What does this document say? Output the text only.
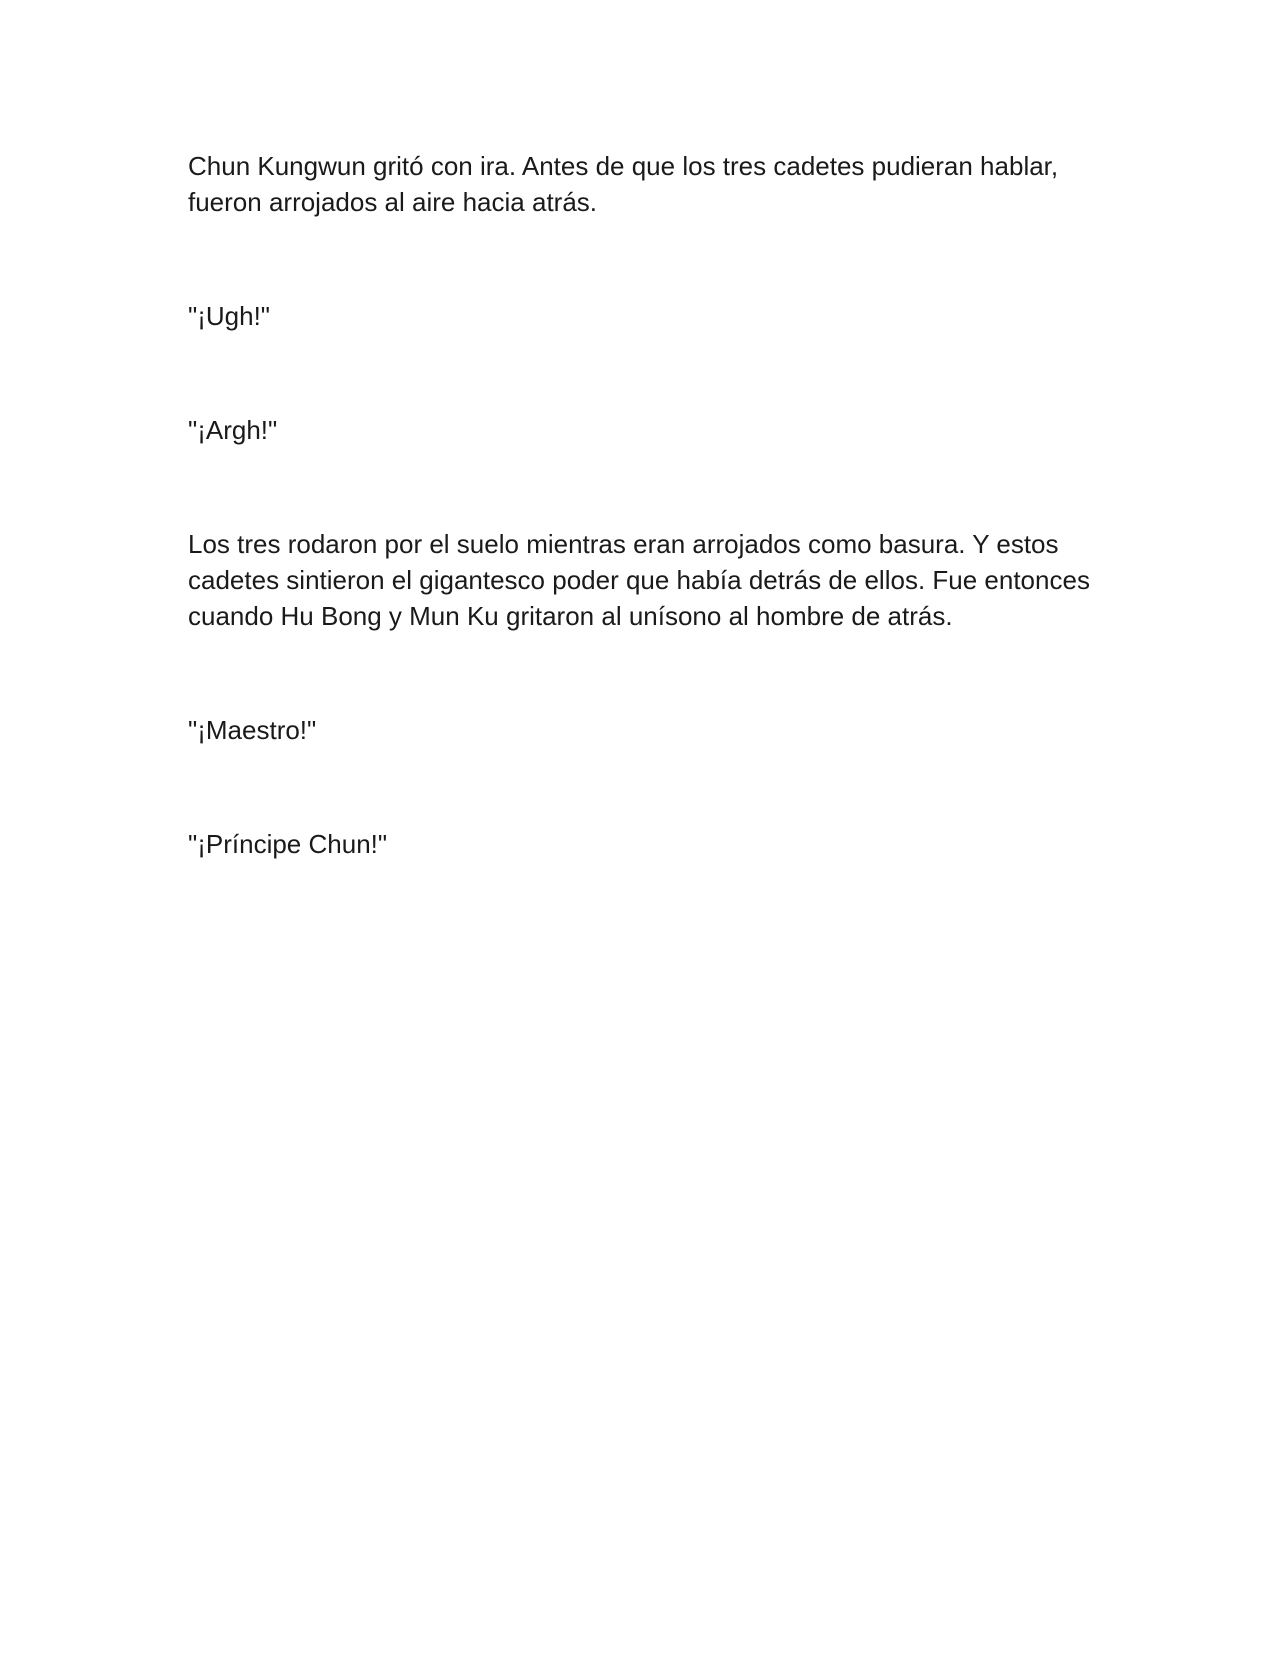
Chun Kungwun gritó con ira. Antes de que los tres cadetes pudieran hablar, fueron arrojados al aire hacia atrás.

"¡Ugh!"

"¡Argh!"

Los tres rodaron por el suelo mientras eran arrojados como basura. Y estos cadetes sintieron el gigantesco poder que había detrás de ellos. Fue entonces cuando Hu Bong y Mun Ku gritaron al unísono al hombre de atrás.

"¡Maestro!"

"¡Príncipe Chun!"
